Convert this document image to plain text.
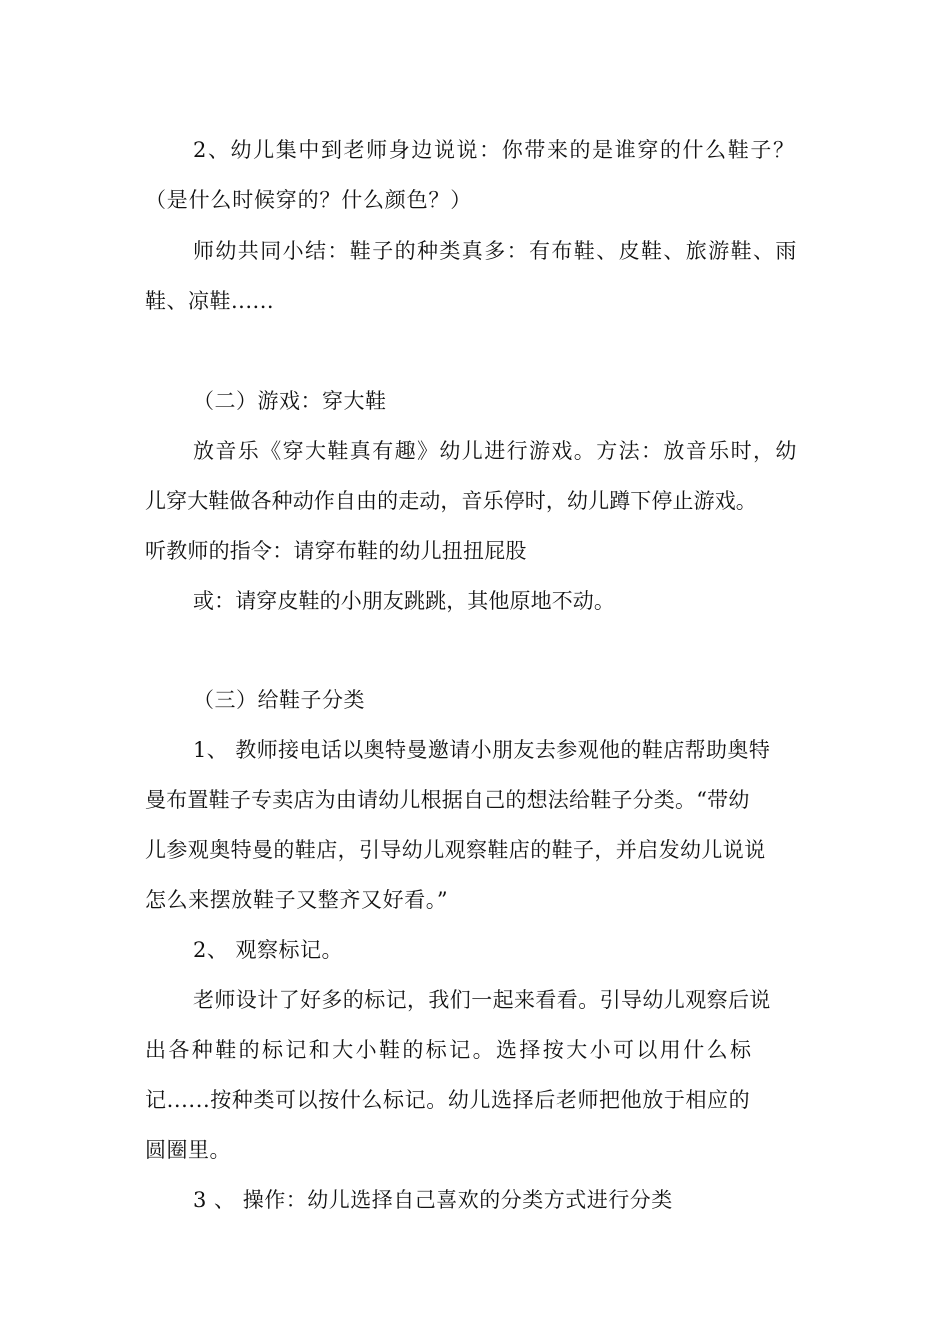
2、幼儿集中到老师身边说说：你带来的是谁穿的什么鞋子？
（是什么时候穿的？什么颜色？）
师幼共同小结：鞋子的种类真多：有布鞋、皮鞋、旅游鞋、雨
鞋、凉鞋......
（二）游戏：穿大鞋
放音乐《穿大鞋真有趣》幼儿进行游戏。方法：放音乐时，幼
儿穿大鞋做各种动作自由的走动，音乐停时，幼儿蹲下停止游戏。
听教师的指令：请穿布鞋的幼儿扭扭屁股
或：请穿皮鞋的小朋友跳跳，其他原地不动。
（三）给鞋子分类
1、 教师接电话以奥特曼邀请小朋友去参观他的鞋店帮助奥特
曼布置鞋子专卖店为由请幼儿根据自己的想法给鞋子分类。“带幼
儿参观奥特曼的鞋店，引导幼儿观察鞋店的鞋子，并启发幼儿说说
怎么来摆放鞋子又整齐又好看。”
2、 观察标记。
老师设计了好多的标记，我们一起来看看。引导幼儿观察后说
出各种鞋的标记和大小鞋的标记。选择按大小可以用什么标
记......按种类可以按什么标记。幼儿选择后老师把他放于相应的
圆圈里。
3 、 操作：幼儿选择自己喜欢的分类方式进行分类
